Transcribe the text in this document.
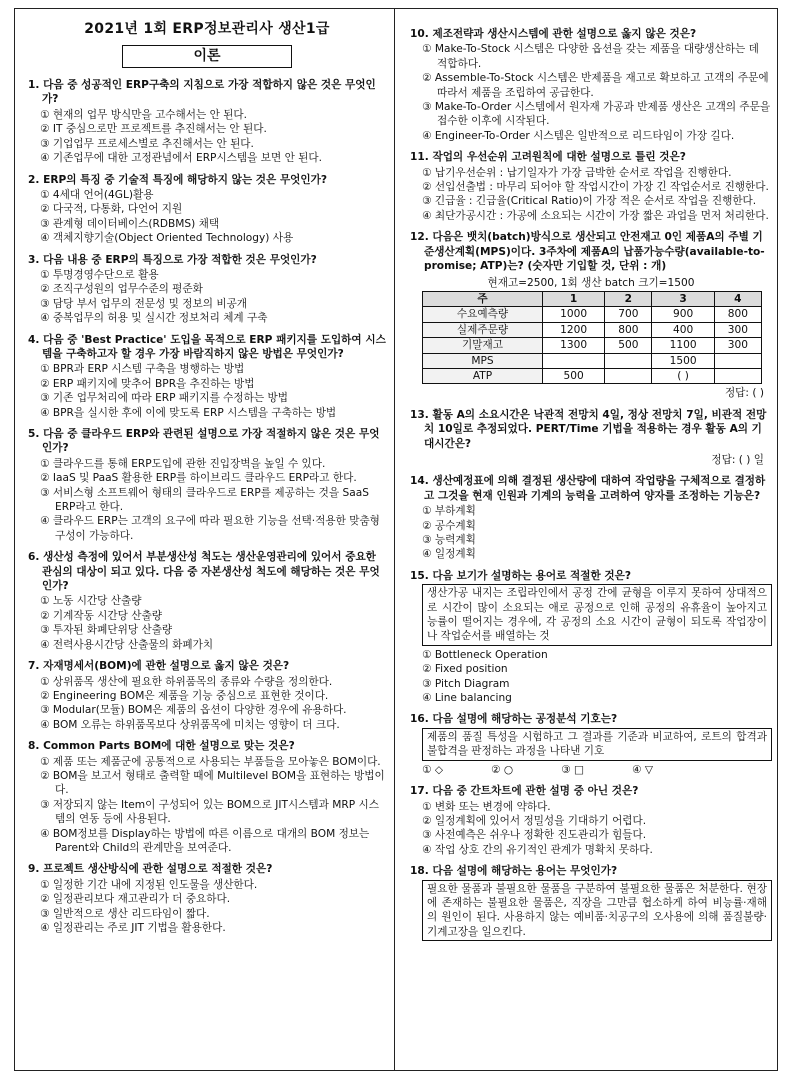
2021년 1회 ERP정보관리사 생산1급
이론
1. 다음 중 성공적인 ERP구축의 지침으로 가장 적합하지 않은 것은 무엇인가?
① 현재의 업무 방식만을 고수해서는 안 된다.
② IT 중심으로만 프로젝트를 추진해서는 안 된다.
③ 기업업무 프로세스별로 추진해서는 안 된다.
④ 기존업무에 대한 고정관념에서 ERP시스템을 보면 안 된다.
2. ERP의 특징 중 기술적 특징에 해당하지 않는 것은 무엇인가?
① 4세대 언어(4GL)활용
② 다국적, 다통화, 다언어 지원
③ 관계형 데이터베이스(RDBMS) 채택
④ 객체지향기술(Object Oriented Technology) 사용
3. 다음 내용 중 ERP의 특징으로 가장 적합한 것은 무엇인가?
① 투명경영수단으로 활용
② 조직구성원의 업무수준의 평준화
③ 담당 부서 업무의 전문성 및 정보의 비공개
④ 중복업무의 허용 및 실시간 정보처리 체계 구축
4. 다음 중 'Best Practice' 도입을 목적으로 ERP 패키지를 도입하여 시스템을 구축하고자 할 경우 가장 바람직하지 않은 방법은 무엇인가?
① BPR과 ERP 시스템 구축을 병행하는 방법
② ERP 패키지에 맞추어 BPR을 추진하는 방법
③ 기존 업무처리에 따라 ERP 패키지를 수정하는 방법
④ BPR을 실시한 후에 이에 맞도록 ERP 시스템을 구축하는 방법
5. 다음 중 클라우드 ERP와 관련된 설명으로 가장 적절하지 않은 것은 무엇인가?
① 클라우드를 통해 ERP도입에 관한 진입장벽을 높일 수 있다.
② IaaS 및 PaaS 활용한 ERP를 하이브리드 클라우드 ERP라고 한다.
③ 서비스형 소프트웨어 형태의 클라우드로 ERP를 제공하는 것을 SaaS ERP라고 한다.
④ 클라우드 ERP는 고객의 요구에 따라 필요한 기능을 선택·적용한 맞춤형 구성이 가능하다.
6. 생산성 측정에 있어서 부분생산성 척도는 생산운영관리에 있어서 중요한 관심의 대상이 되고 있다. 다음 중 자본생산성 척도에 해당하는 것은 무엇인가?
① 노동 시간당 산출량
② 기계작동 시간당 산출량
③ 투자된 화폐단위당 산출량
④ 전력사용시간당 산출물의 화폐가치
7. 자재명세서(BOM)에 관한 설명으로 옳지 않은 것은?
① 상위품목 생산에 필요한 하위품목의 종류와 수량을 정의한다.
② Engineering BOM은 제품을 기능 중심으로 표현한 것이다.
③ Modular(모듈) BOM은 제품의 옵션이 다양한 경우에 유용하다.
④ BOM 오류는 하위품목보다 상위품목에 미치는 영향이 더 크다.
8. Common Parts BOM에 대한 설명으로 맞는 것은?
① 제품 또는 제품군에 공통적으로 사용되는 부품들을 모아놓은 BOM이다.
② BOM을 보고서 형태로 출력할 때에 Multilevel BOM을 표현하는 방법이다.
③ 저장되지 않는 Item이 구성되어 있는 BOM으로 JIT시스템과 MRP 시스템의 연동 등에 사용된다.
④ BOM정보를 Display하는 방법에 따른 이름으로 대개의 BOM 정보는 Parent와 Child의 관계만을 보여준다.
9. 프로젝트 생산방식에 관한 설명으로 적절한 것은?
① 일정한 기간 내에 지정된 인도물을 생산한다.
② 일정관리보다 재고관리가 더 중요하다.
③ 일반적으로 생산 리드타임이 짧다.
④ 일정관리는 주로 JIT 기법을 활용한다.
10. 제조전략과 생산시스템에 관한 설명으로 옳지 않은 것은?
① Make-To-Stock 시스템은 다양한 옵션을 갖는 제품을 대량생산하는 데 적합하다.
② Assemble-To-Stock 시스템은 반제품을 재고로 확보하고 고객의 주문에 따라서 제품을 조립하여 공급한다.
③ Make-To-Order 시스템에서 원자재 가공과 반제품 생산은 고객의 주문을 접수한 이후에 시작된다.
④ Engineer-To-Order 시스템은 일반적으로 리드타임이 가장 길다.
11. 작업의 우선순위 고려원칙에 대한 설명으로 틀린 것은?
① 납기우선순위 : 납기일자가 가장 급박한 순서로 작업을 진행한다.
② 선입선출법 : 마무리 되어야 할 작업시간이 가장 긴 작업순서로 진행한다.
③ 긴급율 : 긴급율(Critical Ratio)이 가장 적은 순서로 작업을 진행한다.
④ 최단가공시간 : 가공에 소요되는 시간이 가장 짧은 과업을 먼저 처리한다.
12. 다음은 뱃치(batch)방식으로 생산되고 안전재고 0인 제품A의 주별 기준생산계획(MPS)이다. 3주차에 제품A의 납품가능수량(available-to-promise; ATP)는? (숫자만 기입할 것, 단위 : 개)
현재고=2500, 1회 생산 batch 크기=1500
주	1	2	3	4
수요예측량	1000	700	900	800
실제주문량	1200	800	400	300
기말재고	1300	500	1100	300
MPS			1500	
ATP	500		( )	
정답: ( )
13. 활동 A의 소요시간은 낙관적 전망치 4일, 정상 전망치 7일, 비관적 전망치 10일로 추정되었다. PERT/Time 기법을 적용하는 경우 활동 A의 기대시간은?
정답: ( ) 일
14. 생산예정표에 의해 결정된 생산량에 대하여 작업량을 구체적으로 결정하고 그것을 현재 인원과 기계의 능력을 고려하여 양자를 조정하는 기능은?
① 부하계획
② 공수계획
③ 능력계획
④ 일정계획
15. 다음 보기가 설명하는 용어로 적절한 것은?
생산가공 내지는 조립라인에서 공정 간에 균형을 이루지 못하여 상대적으로 시간이 많이 소요되는 애로 공정으로 인해 공정의 유휴율이 높아지고 능률이 떨어지는 경우에, 각 공정의 소요 시간이 균형이 되도록 작업장이나 작업순서를 배열하는 것
① Bottleneck Operation
② Fixed position
③ Pitch Diagram
④ Line balancing
16. 다음 설명에 해당하는 공정분석 기호는?
제품의 품질 특성을 시험하고 그 결과를 기준과 비교하여, 로트의 합격과 불합격을 판정하는 과정을 나타낸 기호
① ◇	② ○	③ □	④ ▽
17. 다음 중 간트차트에 관한 설명 중 아닌 것은?
① 변화 또는 변경에 약하다.
② 일정계획에 있어서 정밀성을 기대하기 어렵다.
③ 사전예측은 쉬우나 정확한 진도관리가 힘들다.
④ 작업 상호 간의 유기적인 관계가 명확치 못하다.
18. 다음 설명에 해당하는 용어는 무엇인가?
필요한 물품과 불필요한 물품을 구분하여 불필요한 물품은 처분한다. 현장에 존재하는 불필요한 물품은, 직장을 그만큼 협소하게 하여 비능률·재해의 원인이 된다. 사용하지 않는 예비품·치공구의 오사용에 의해 품질불량·기계고장을 일으킨다.
